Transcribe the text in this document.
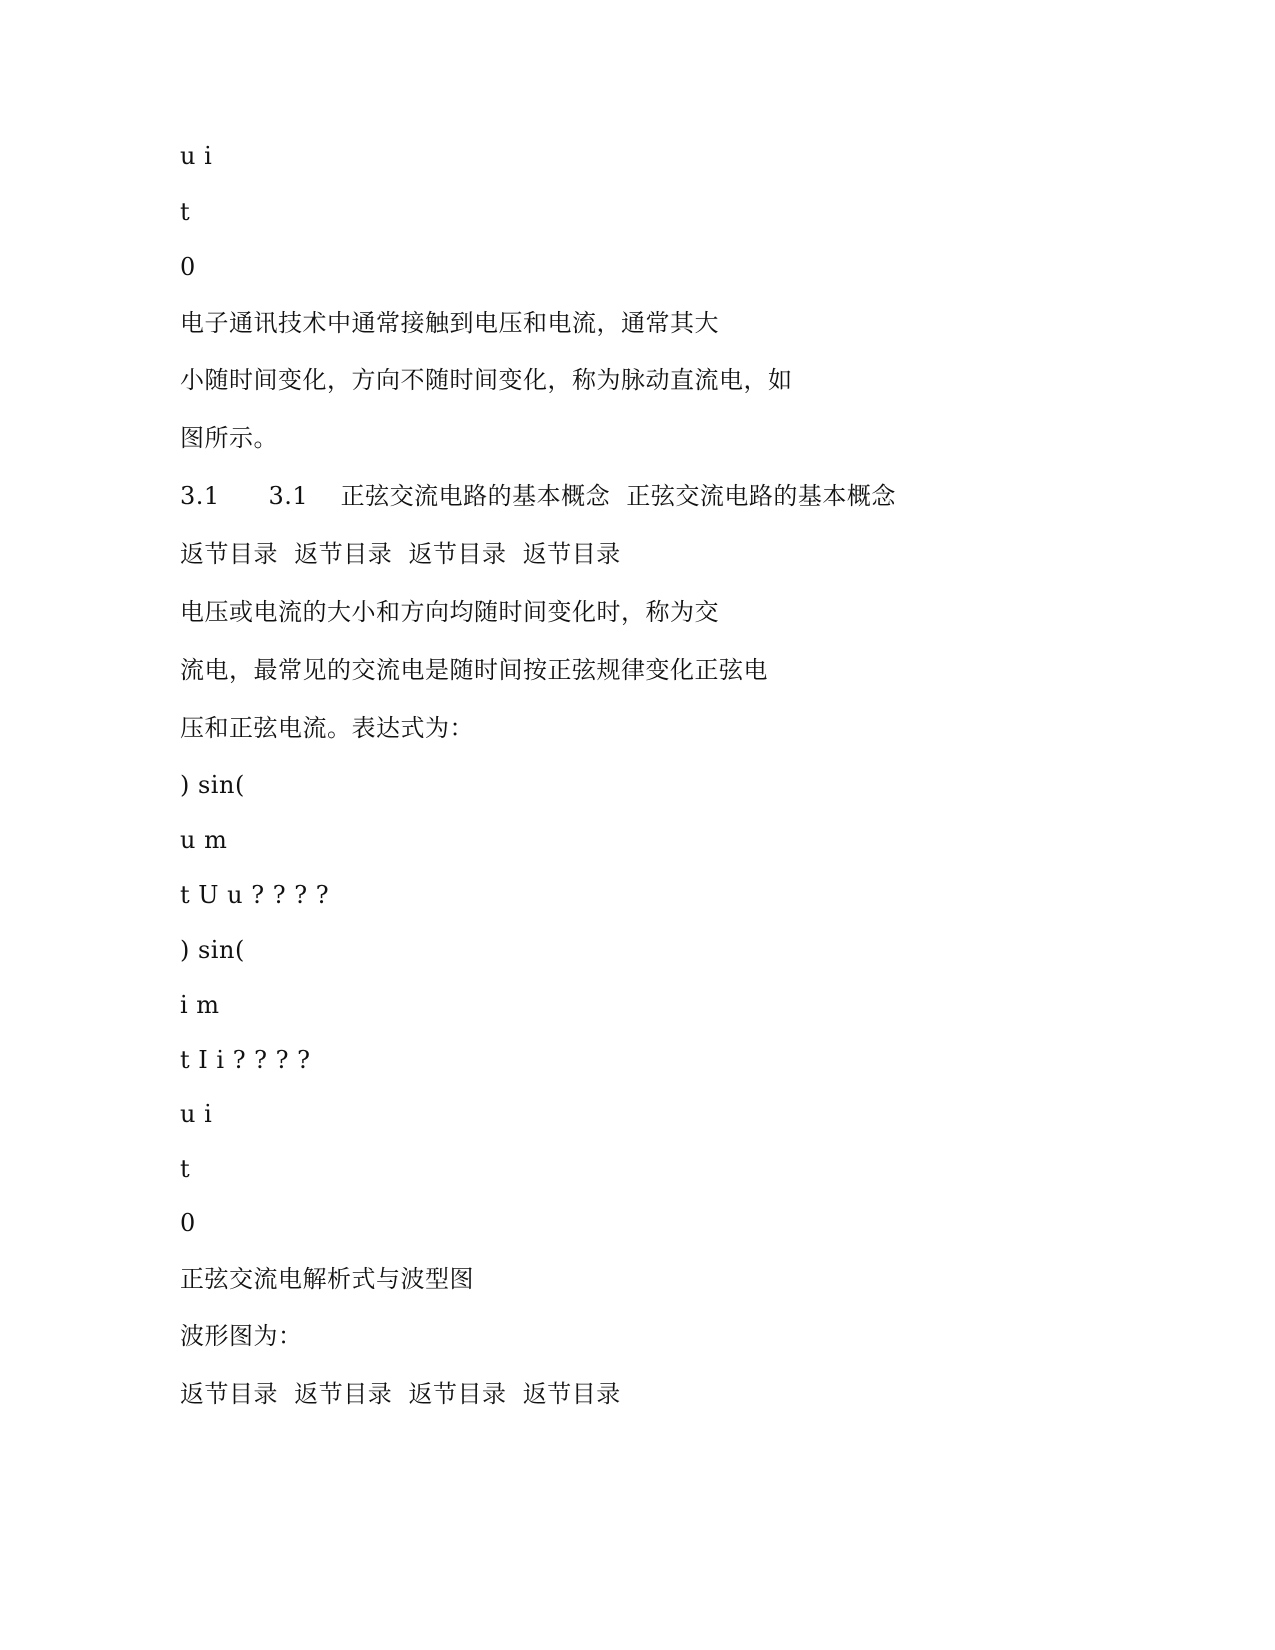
u i
t
0
电子通讯技术中通常接触到电压和电流，通常其大
小随时间变化，方向不随时间变化，称为脉动直流电，如
图所示。
3.1      3.1    正弦交流电路的基本概念  正弦交流电路的基本概念
返节目录  返节目录  返节目录  返节目录
电压或电流的大小和方向均随时间变化时，称为交
流电，最常见的交流电是随时间按正弦规律变化正弦电
压和正弦电流。表达式为：
) sin(
u m
t U u ? ? ? ?
) sin(
i m
t I i ? ? ? ?
u i
t
0
正弦交流电解析式与波型图
波形图为：
返节目录  返节目录  返节目录  返节目录
